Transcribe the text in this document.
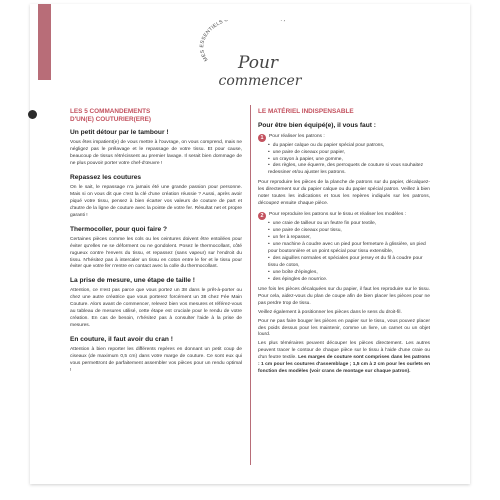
MES ESSENTIELS C Y
Pour
commencer
LES 5 COMMANDEMENTS
D'UN(E) COUTURIER(ERE)
Un petit détour par le tambour !

Vous êtes impatient(e) de vous mettre à l'ouvrage, on vous comprend, mais ne négligez pas le prélavage et le repassage de votre tissu. Et pour cause, beaucoup de tissus rétrécissent au premier lavage. Il serait bien dommage de ne plus pouvoir porter votre chef-d'œuvre !

Repassez les coutures

On le sait, le repassage n'a jamais été une grande passion pour personne. Mais si on vous dit que c'est la clé d'une création réussie ? Aussi, après avoir piqué votre tissu, pensez à bien écarter vos valeurs de couture de part et d'autre de la ligne de couture avec la pointe de votre fer. Résultat net et propre garanti !

Thermocoller, pour quoi faire ?

Certaines pièces comme les cols ou les ceintures doivent être entoilées pour éviter qu'elles ne se déforment ou ne gondolent. Posez le thermocollant, côté rugueux contre l'envers du tissu, et repassez (sans vapeur) sur l'endroit du tissu. N'hésitez pas à intercaler un tissu en coton entre le fer et le tissu pour éviter que votre fer n'entre en contact avec la colle du thermocollant.

La prise de mesure, une étape de taille !

Attention, ce n'est pas parce que vous portez un 38 dans le prêt-à-porter ou chez une autre créatrice que vous porterez forcément un 38 chez Fée Main Couture. Alors avant de commencer, relevez bien vos mesures et référez-vous au tableau de mesures utilisé, cette étape est cruciale pour le rendu de votre création. En cas de besoin, n'hésitez pas à consulter l'aide à la prise de mesures.

En couture, il faut avoir du cran !

Attention à bien reporter les différents repères en donnant un petit coup de ciseaux (de maximum 0,5 cm) dans votre marge de couture. Ce sont eux qui vous permettront de parfaitement assembler vos pièces pour un rendu optimal !

LE MATÉRIEL INDISPENSABLE
Pour être bien équipé(e), il vous faut :
1	Pour réaliser les patrons :
• du papier calque ou du papier spécial pour patrons,
• une paire de ciseaux pour papier,
• un crayon à papier, une gomme,
• des règles, une équerre, des perroquets de couture si vous souhaitez redessiner et/ou ajuster les patrons.

Pour reproduire les pièces de la planche de patrons sur du papier, décalquez-les directement sur du papier calque ou du papier spécial patron. Veillez à bien noter toutes les indications et tous les repères indiqués sur les patrons, découpez ensuite chaque pièce.

2	Pour reproduire les patrons sur le tissu et réaliser les modèles :
• une craie de tailleur ou un feutre fin pour textile,
• une paire de ciseaux pour tissu,
• un fer à repasser,
• une machine à coudre avec un pied pour fermeture à glissière, un pied pour boutonnière et un point spécial pour tissu extensible,
• des aiguilles normales et spéciales pour jersey et du fil à coudre pour tissu de coton,
• une boîte d'épingles,
• des épingles de nourrice.

Une fois les pièces décalquées sur du papier, il faut les reproduire sur le tissu. Pour cela, aidez-vous du plan de coupe afin de bien placer les pièces pour ne pas perdre trop de tissu.

Veillez également à positionner les pièces dans le sens du droit-fil.

Pour ne pas faire bouger les pièces en papier sur le tissu, vous pouvez placer des poids dessus pour les maintenir, comme un livre, un carnet ou un objet lourd.

Les plus téméraires peuvent découper les pièces directement. Les autres peuvent tracer le contour de chaque pièce sur le tissu à l'aide d'une craie ou d'un feutre textile. Les marges de couture sont comprises dans les patrons : 1 cm pour les coutures d'assemblage ; 1,5 cm à 2 cm pour les ourlets en fonction des modèles (voir crans de montage sur chaque patron).
